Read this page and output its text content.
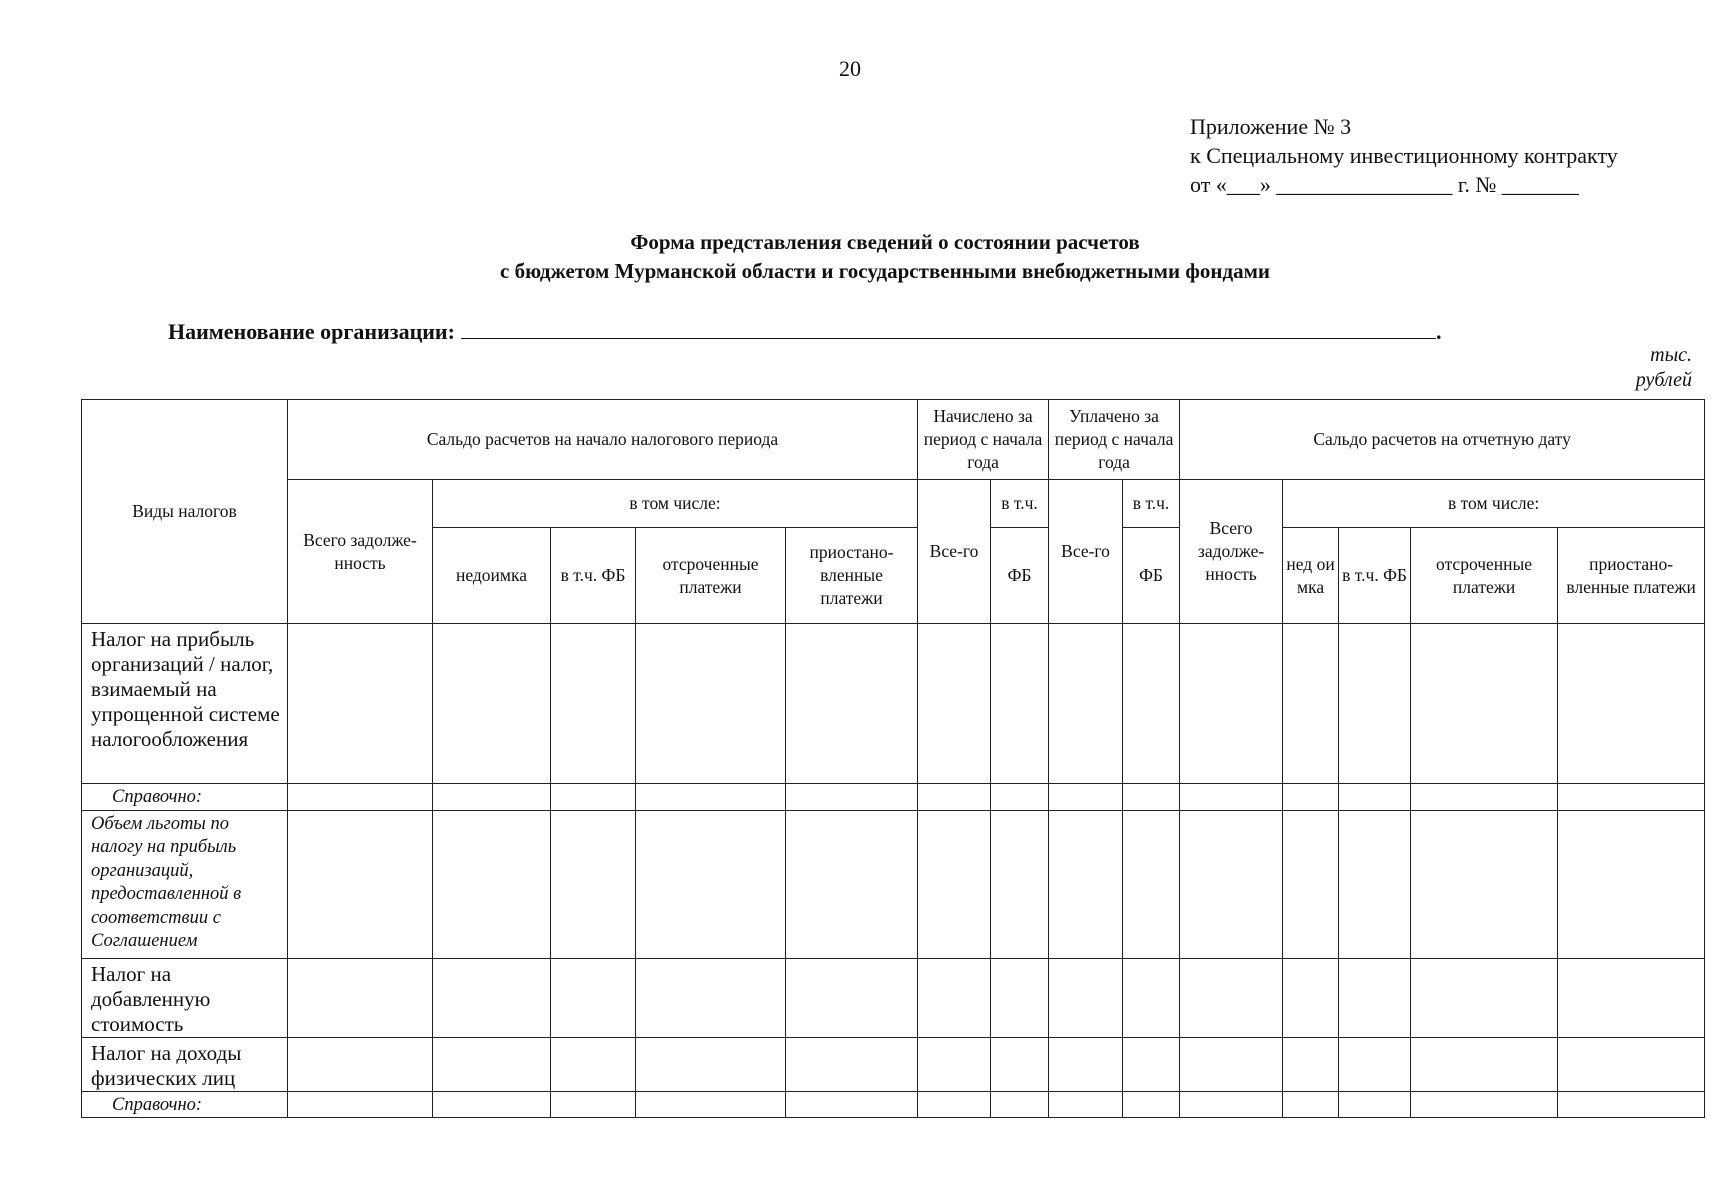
20
Приложение № 3
к Специальному инвестиционному контракту
от «___» ________________ г. № _______
Форма представления сведений о состоянии расчетов
с бюджетом Мурманской области и государственными внебюджетными фондами
Наименование организации:	.
тыс.
рублей
Виды налогов	Сальдо расчетов на начало налогового периода					Начислено за период с начала года		Уплачено за период с начала года		Сальдо расчетов на отчетную дату				
	Всего задолже-нность	в том числе:				Все-го	в т.ч.	Все-го	в т.ч.	Всего задолже-нность	в том числе:			
		недоимка	в т.ч. ФБ	отсроченные платежи	приостано-вленные платежи		ФБ		ФБ		нед ои мка	в т.ч. ФБ	отсроченные платежи	приостано-вленные платежи
Налог на прибыль организаций / налог, взимаемый на упрощенной системе налогообложения														
Справочно:														
Объем льготы по налогу на прибыль организаций, предоставленной в соответствии с Соглашением														
Налог на добавленную стоимость														
Налог на доходы физических лиц														
Справочно:														
